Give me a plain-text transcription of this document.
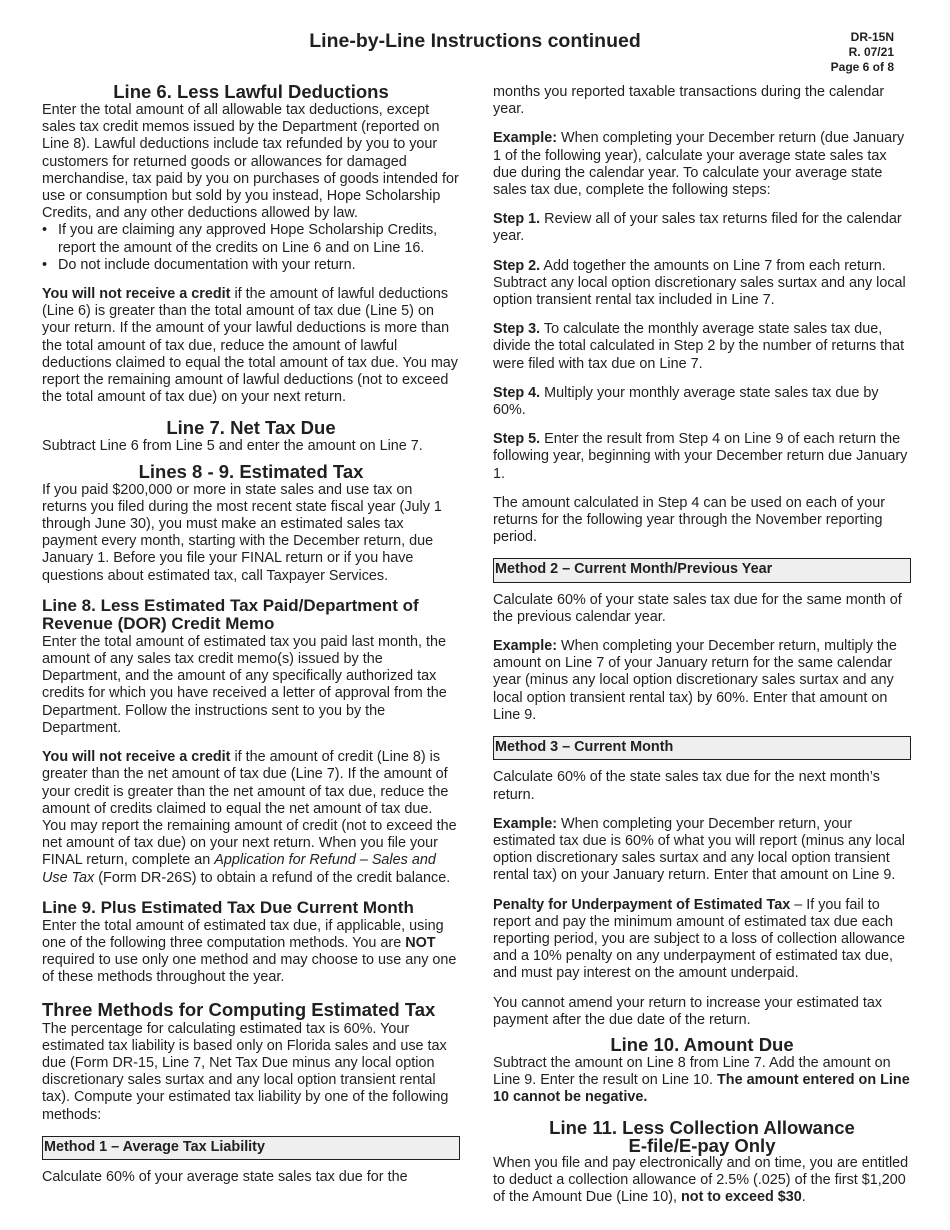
Line-by-Line Instructions continued	DR-15N
R. 07/21
Page 6 of 8
Line 6. Less Lawful Deductions

Enter the total amount of all allowable tax deductions, except sales tax credit memos issued by the Department (reported on Line 8). Lawful deductions include tax refunded by you to your customers for returned goods or allowances for damaged merchandise, tax paid by you on purchases of goods intended for use or consumption but sold by you instead, Hope Scholarship Credits, and any other deductions allowed by law.

• If you are claiming any approved Hope Scholarship Credits, report the amount of the credits on Line 6 and on Line 16.
• Do not include documentation with your return.

You will not receive a credit if the amount of lawful deductions (Line 6) is greater than the total amount of tax due (Line 5) on your return. If the amount of your lawful deductions is more than the total amount of tax due, reduce the amount of lawful deductions claimed to equal the total amount of tax due. You may report the remaining amount of lawful deductions (not to exceed the total amount of tax due) on your next return.

Line 7. Net Tax Due

Subtract Line 6 from Line 5 and enter the amount on Line 7.

Lines 8 - 9. Estimated Tax

If you paid $200,000 or more in state sales and use tax on returns you filed during the most recent state fiscal year (July 1 through June 30), you must make an estimated sales tax payment every month, starting with the December return, due January 1. Before you file your FINAL return or if you have questions about estimated tax, call Taxpayer Services.

Line 8. Less Estimated Tax Paid/Department of Revenue (DOR) Credit Memo

Enter the total amount of estimated tax you paid last month, the amount of any sales tax credit memo(s) issued by the Department, and the amount of any specifically authorized tax credits for which you have received a letter of approval from the Department. Follow the instructions sent to you by the Department.

You will not receive a credit if the amount of credit (Line 8) is greater than the net amount of tax due (Line 7). If the amount of your credit is greater than the net amount of tax due, reduce the amount of credits claimed to equal the net amount of tax due. You may report the remaining amount of credit (not to exceed the net amount of tax due) on your next return. When you file your FINAL return, complete an Application for Refund – Sales and Use Tax (Form DR-26S) to obtain a refund of the credit balance.

Line 9. Plus Estimated Tax Due Current Month

Enter the total amount of estimated tax due, if applicable, using one of the following three computation methods. You are NOT required to use only one method and may choose to use any one of these methods throughout the year.

Three Methods for Computing Estimated Tax

The percentage for calculating estimated tax is 60%. Your estimated tax liability is based only on Florida sales and use tax due (Form DR-15, Line 7, Net Tax Due minus any local option discretionary sales surtax and any local option transient rental tax). Compute your estimated tax liability by one of the following methods:

Method 1 – Average Tax Liability

Calculate 60% of your average state sales tax due for the

months you reported taxable transactions during the calendar year.

Example: When completing your December return (due January 1 of the following year), calculate your average state sales tax due during the calendar year. To calculate your average state sales tax due, complete the following steps:

Step 1. Review all of your sales tax returns filed for the calendar year.

Step 2. Add together the amounts on Line 7 from each return. Subtract any local option discretionary sales surtax and any local option transient rental tax included in Line 7.

Step 3. To calculate the monthly average state sales tax due, divide the total calculated in Step 2 by the number of returns that were filed with tax due on Line 7.

Step 4. Multiply your monthly average state sales tax due by 60%.

Step 5. Enter the result from Step 4 on Line 9 of each return the following year, beginning with your December return due January 1.

The amount calculated in Step 4 can be used on each of your returns for the following year through the November reporting period.

Method 2 – Current Month/Previous Year

Calculate 60% of your state sales tax due for the same month of the previous calendar year.

Example: When completing your December return, multiply the amount on Line 7 of your January return for the same calendar year (minus any local option discretionary sales surtax and any local option transient rental tax) by 60%. Enter that amount on Line 9.

Method 3 – Current Month

Calculate 60% of the state sales tax due for the next month’s return.

Example: When completing your December return, your estimated tax due is 60% of what you will report (minus any local option discretionary sales surtax and any local option transient rental tax) on your January return. Enter that amount on Line 9.

Penalty for Underpayment of Estimated Tax – If you fail to report and pay the minimum amount of estimated tax due each reporting period, you are subject to a loss of collection allowance and a 10% penalty on any underpayment of estimated tax due, and must pay interest on the amount underpaid.

You cannot amend your return to increase your estimated tax payment after the due date of the return.

Line 10. Amount Due

Subtract the amount on Line 8 from Line 7. Add the amount on Line 9. Enter the result on Line 10. The amount entered on Line 10 cannot be negative.

Line 11. Less Collection Allowance
E-file/E-pay Only

When you file and pay electronically and on time, you are entitled to deduct a collection allowance of 2.5% (.025) of the first $1,200 of the Amount Due (Line 10), not to exceed $30.
